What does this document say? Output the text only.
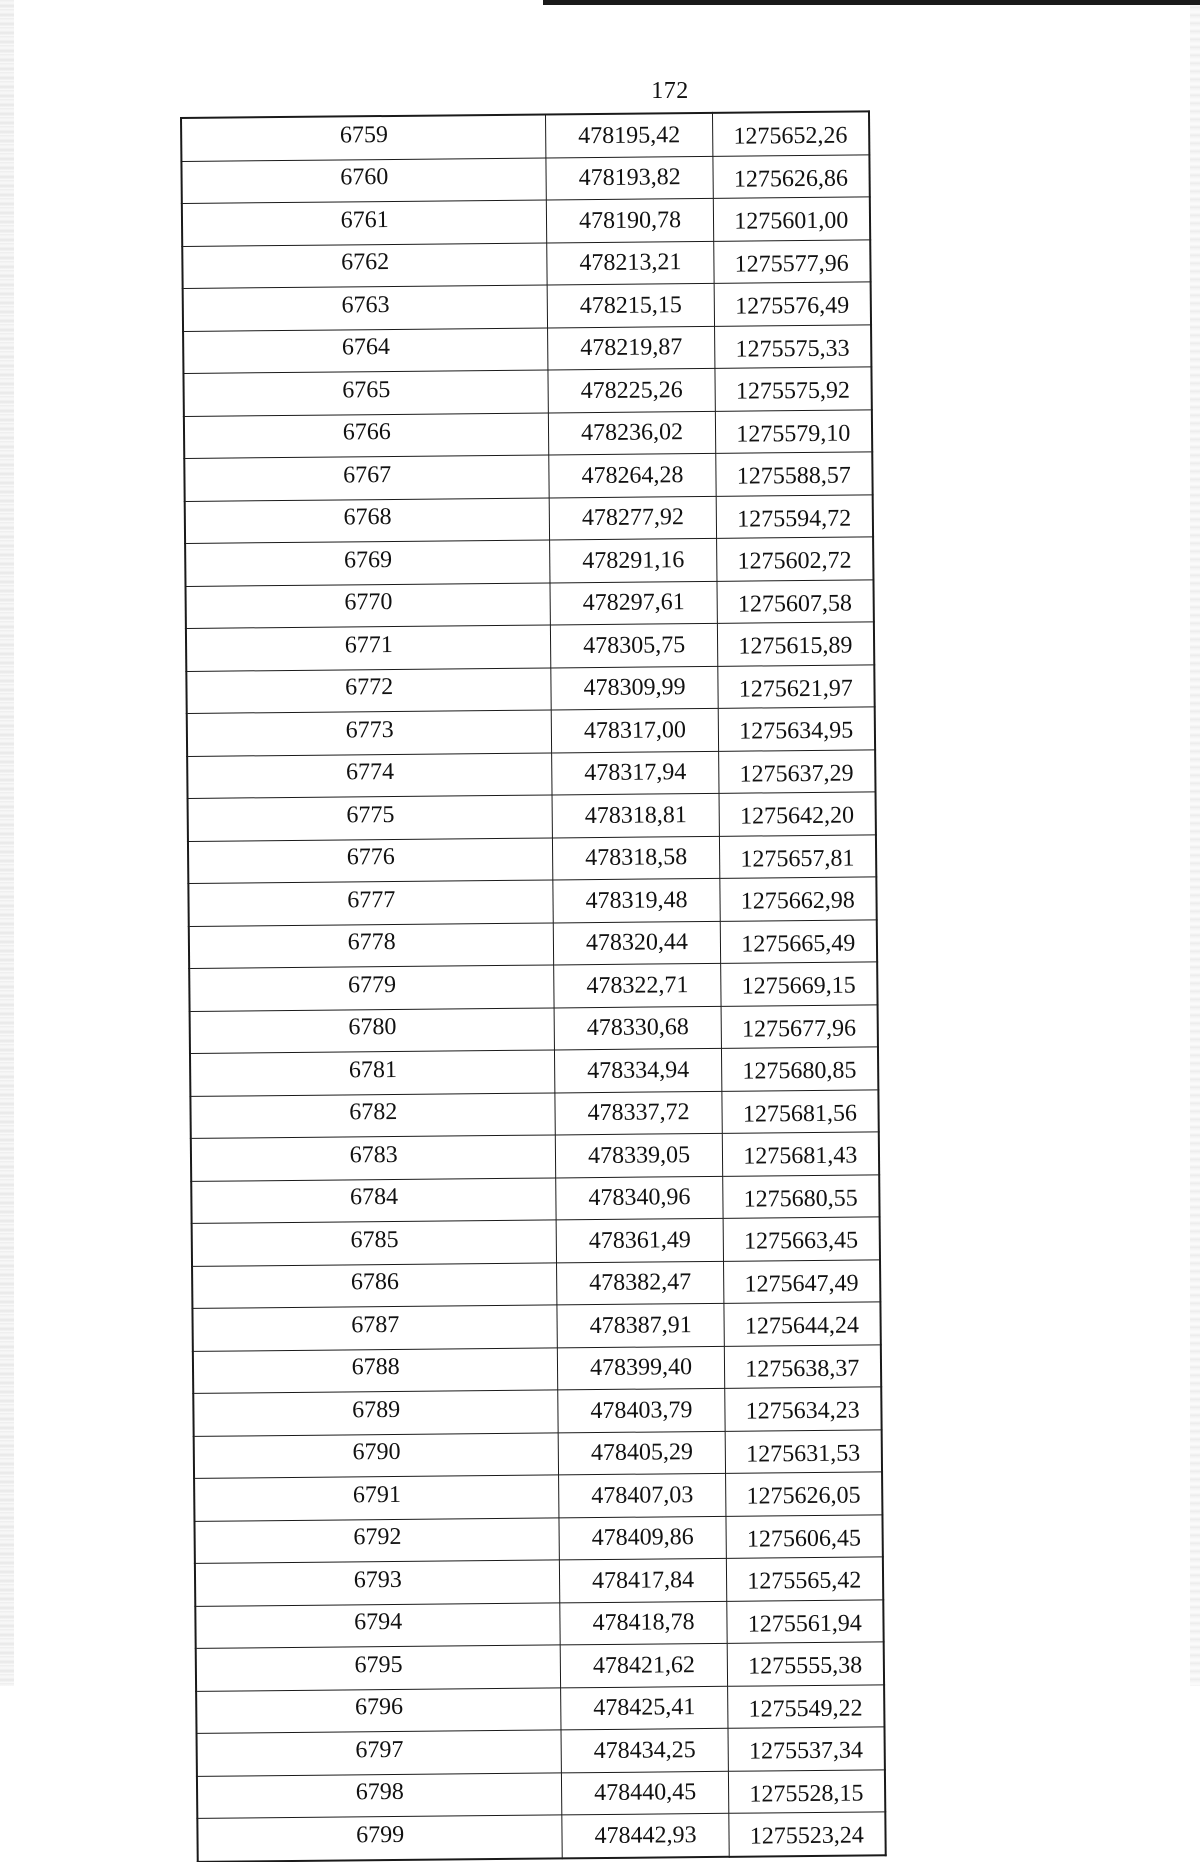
172
6759	478195,42	1275652,26
6760	478193,82	1275626,86
6761	478190,78	1275601,00
6762	478213,21	1275577,96
6763	478215,15	1275576,49
6764	478219,87	1275575,33
6765	478225,26	1275575,92
6766	478236,02	1275579,10
6767	478264,28	1275588,57
6768	478277,92	1275594,72
6769	478291,16	1275602,72
6770	478297,61	1275607,58
6771	478305,75	1275615,89
6772	478309,99	1275621,97
6773	478317,00	1275634,95
6774	478317,94	1275637,29
6775	478318,81	1275642,20
6776	478318,58	1275657,81
6777	478319,48	1275662,98
6778	478320,44	1275665,49
6779	478322,71	1275669,15
6780	478330,68	1275677,96
6781	478334,94	1275680,85
6782	478337,72	1275681,56
6783	478339,05	1275681,43
6784	478340,96	1275680,55
6785	478361,49	1275663,45
6786	478382,47	1275647,49
6787	478387,91	1275644,24
6788	478399,40	1275638,37
6789	478403,79	1275634,23
6790	478405,29	1275631,53
6791	478407,03	1275626,05
6792	478409,86	1275606,45
6793	478417,84	1275565,42
6794	478418,78	1275561,94
6795	478421,62	1275555,38
6796	478425,41	1275549,22
6797	478434,25	1275537,34
6798	478440,45	1275528,15
6799	478442,93	1275523,24
